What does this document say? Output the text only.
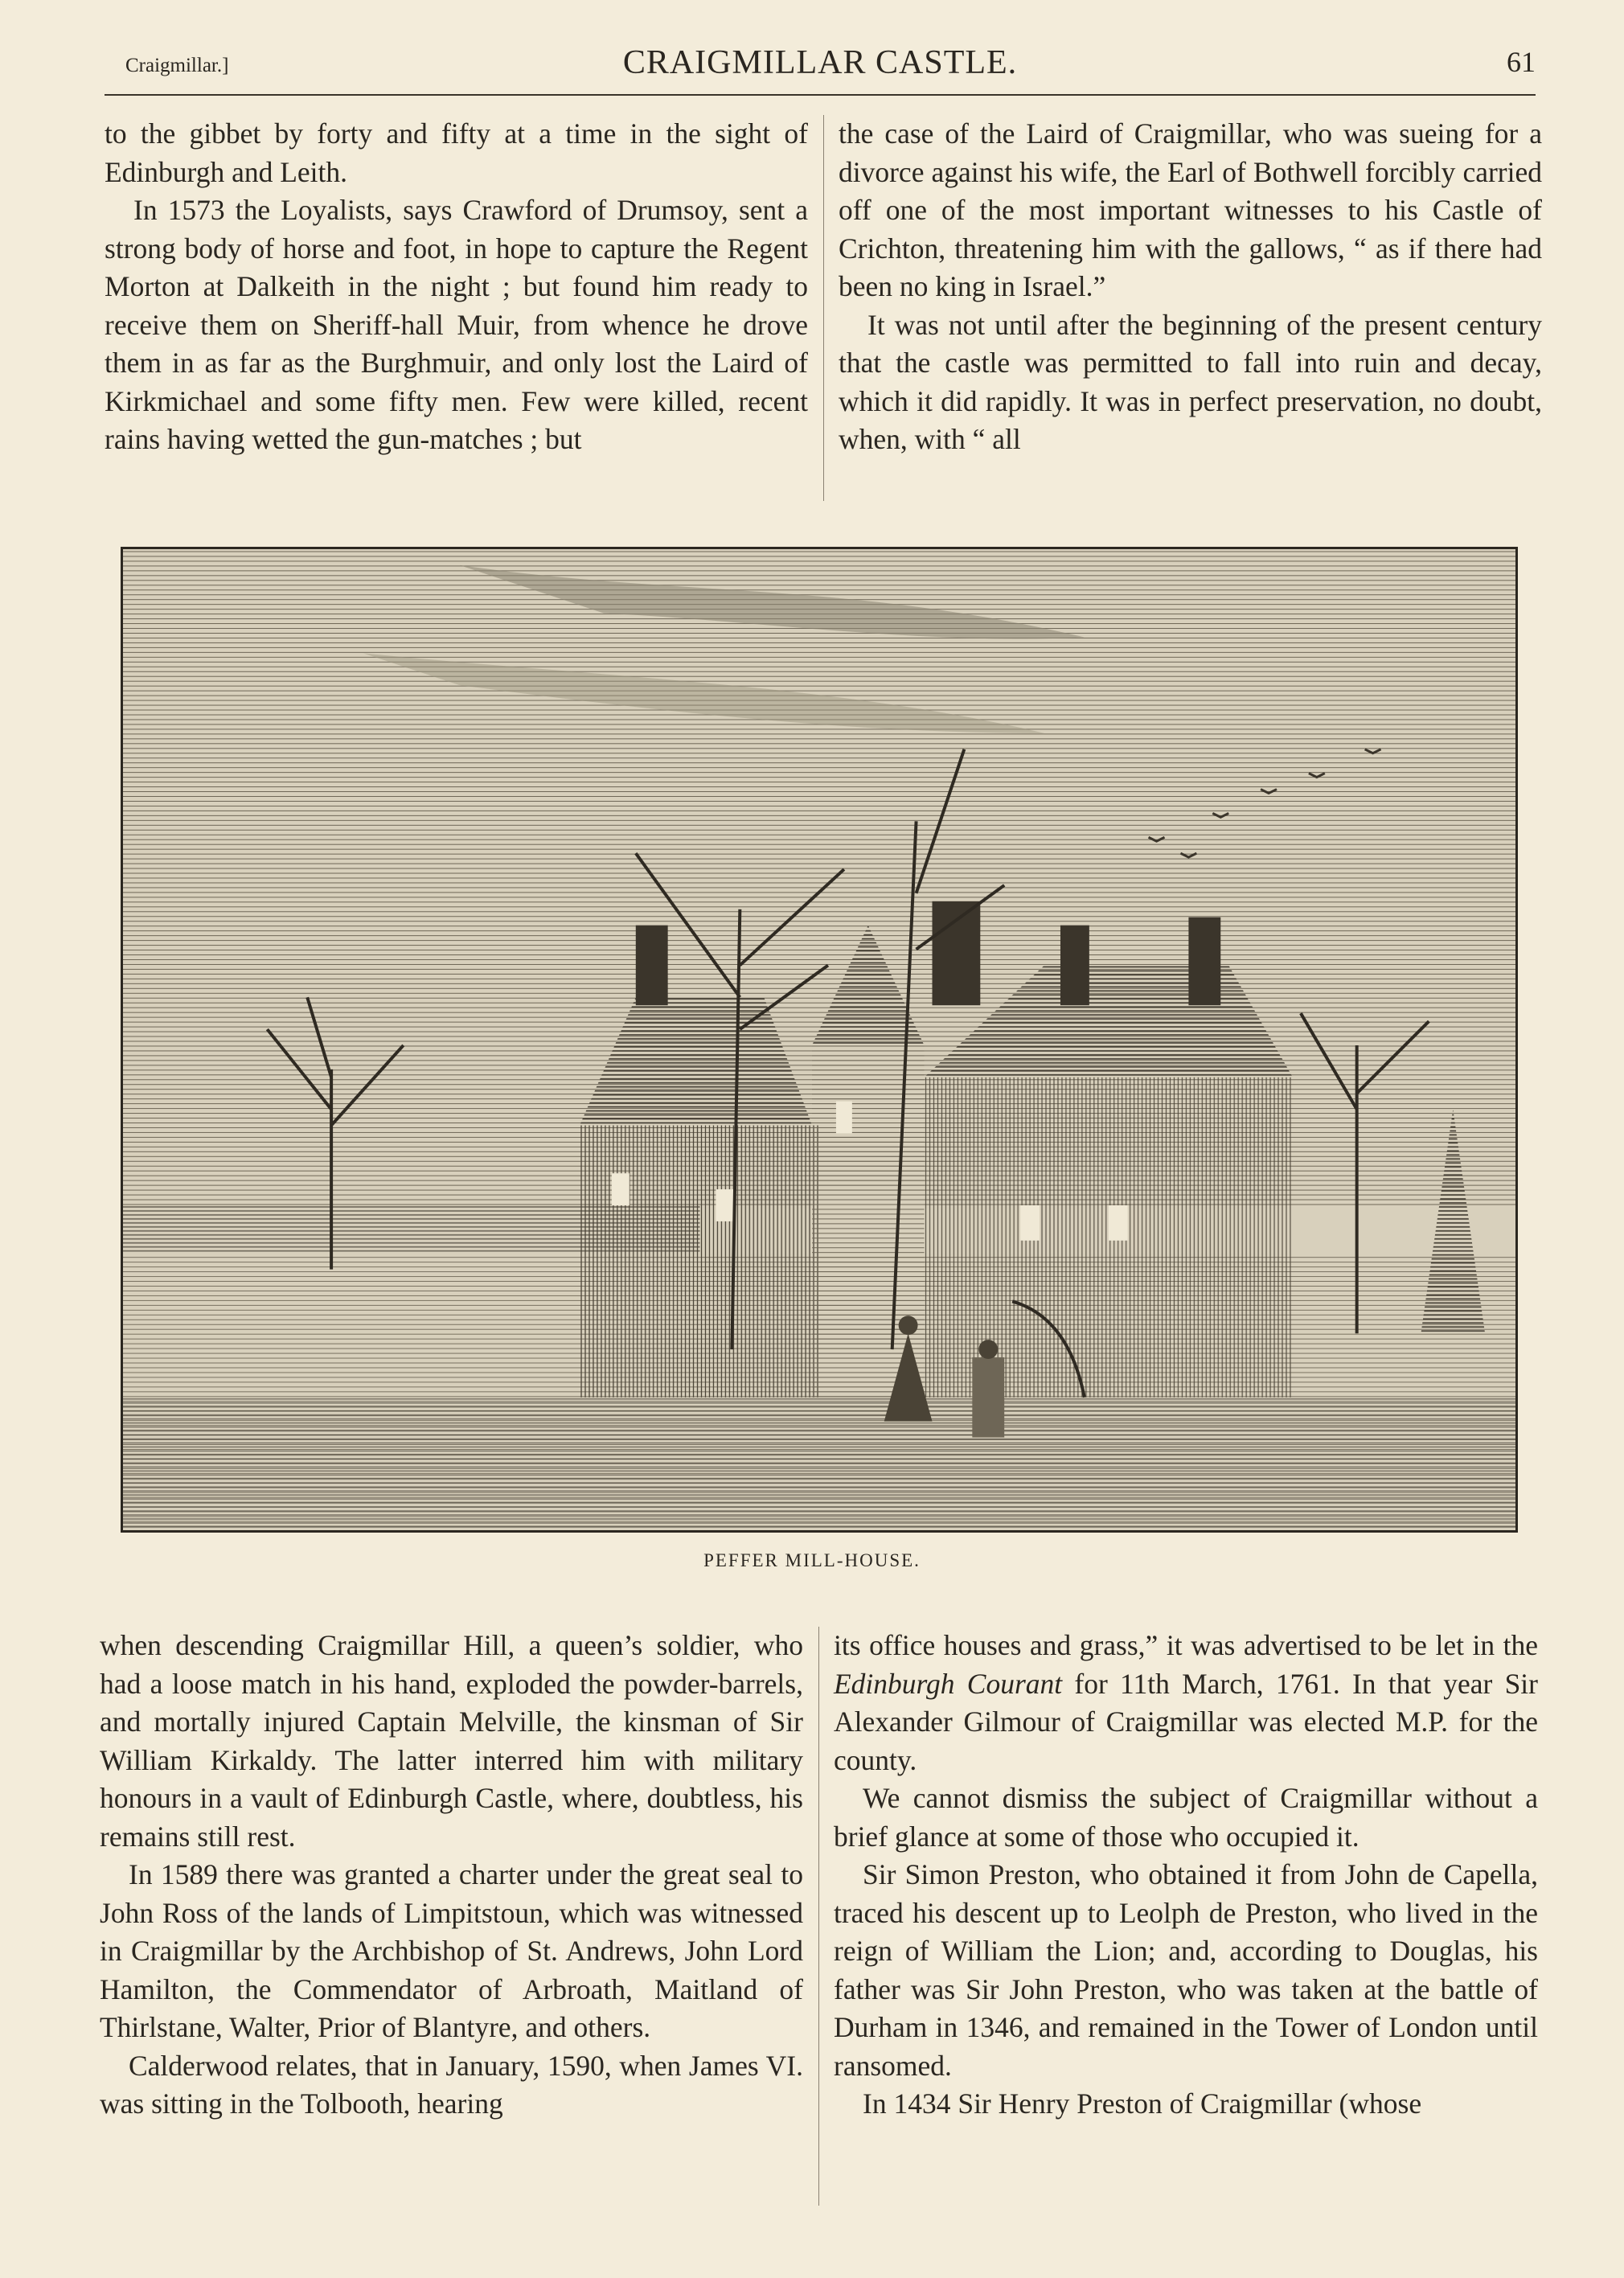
Craigmillar.]	CRAIGMILLAR CASTLE.	61

to the gibbet by forty and fifty at a time in the sight of Edinburgh and Leith.

In 1573 the Loyalists, says Crawford of Drumsoy, sent a strong body of horse and foot, in hope to capture the Regent Morton at Dalkeith in the night ; but found him ready to receive them on Sheriff-hall Muir, from whence he drove them in as far as the Burghmuir, and only lost the Laird of Kirkmichael and some fifty men. Few were killed, recent rains having wetted the gun-matches ; but

the case of the Laird of Craigmillar, who was sueing for a divorce against his wife, the Earl of Bothwell forcibly carried off one of the most important witnesses to his Castle of Crichton, threatening him with the gallows, “ as if there had been no king in Israel.”

It was not until after the beginning of the present century that the castle was permitted to fall into ruin and decay, which it did rapidly. It was in perfect preservation, no doubt, when, with “ all

PEFFER MILL-HOUSE.

when descending Craigmillar Hill, a queen’s soldier, who had a loose match in his hand, exploded the powder-barrels, and mortally injured Captain Melville, the kinsman of Sir William Kirkaldy. The latter interred him with military honours in a vault of Edinburgh Castle, where, doubtless, his remains still rest.

In 1589 there was granted a charter under the great seal to John Ross of the lands of Limpitstoun, which was witnessed in Craigmillar by the Archbishop of St. Andrews, John Lord Hamilton, the Commendator of Arbroath, Maitland of Thirlstane, Walter, Prior of Blantyre, and others.

Calderwood relates, that in January, 1590, when James VI. was sitting in the Tolbooth, hearing

its office houses and grass,” it was advertised to be let in the Edinburgh Courant for 11th March, 1761. In that year Sir Alexander Gilmour of Craigmillar was elected M.P. for the county.

We cannot dismiss the subject of Craigmillar without a brief glance at some of those who occupied it.

Sir Simon Preston, who obtained it from John de Capella, traced his descent up to Leolph de Preston, who lived in the reign of William the Lion; and, according to Douglas, his father was Sir John Preston, who was taken at the battle of Durham in 1346, and remained in the Tower of London until ransomed.

In 1434 Sir Henry Preston of Craigmillar (whose
